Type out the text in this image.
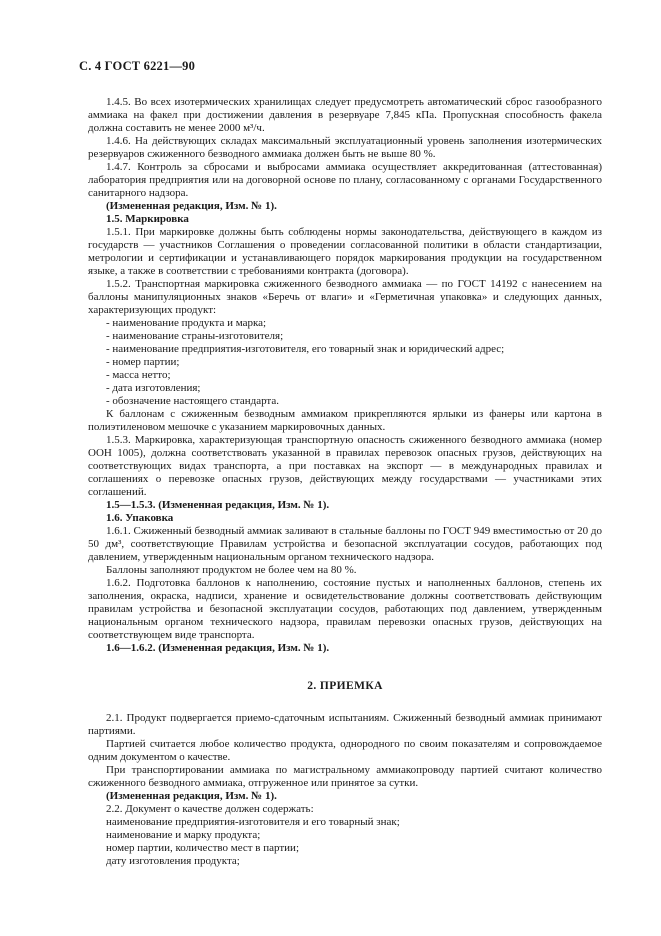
С. 4 ГОСТ 6221—90

1.4.5. Во всех изотермических хранилищах следует предусмотреть автоматический сброс газообразного аммиака на факел при достижении давления в резервуаре 7,845 кПа. Пропускная способность факела должна составить не менее 2000 м³/ч.

1.4.6. На действующих складах максимальный эксплуатационный уровень заполнения изотермических резервуаров сжиженного безводного аммиака должен быть не выше 80 %.

1.4.7. Контроль за сбросами и выбросами аммиака осуществляет аккредитованная (аттестованная) лаборатория предприятия или на договорной основе по плану, согласованному с органами Государственного санитарного надзора.

(Измененная редакция, Изм. № 1).

1.5. Маркировка

1.5.1. При маркировке должны быть соблюдены нормы законодательства, действующего в каждом из государств — участников Соглашения о проведении согласованной политики в области стандартизации, метрологии и сертификации и устанавливающего порядок маркирования продукции на государственном языке, а также в соответствии с требованиями контракта (договора).

1.5.2. Транспортная маркировка сжиженного безводного аммиака — по ГОСТ 14192 с нанесением на баллоны манипуляционных знаков «Беречь от влаги» и «Герметичная упаковка» и следующих данных, характеризующих продукт:

- наименование продукта и марка;

- наименование страны-изготовителя;

- наименование предприятия-изготовителя, его товарный знак и юридический адрес;

- номер партии;

- масса нетто;

- дата изготовления;

- обозначение настоящего стандарта.

К баллонам с сжиженным безводным аммиаком прикрепляются ярлыки из фанеры или картона в полиэтиленовом мешочке с указанием маркировочных данных.

1.5.3. Маркировка, характеризующая транспортную опасность сжиженного безводного аммиака (номер ООН 1005), должна соответствовать указанной в правилах перевозок опасных грузов, действующих на соответствующих видах транспорта, а при поставках на экспорт — в международных правилах и соглашениях о перевозке опасных грузов, действующих между государствами — участниками этих соглашений.

1.5—1.5.3. (Измененная редакция, Изм. № 1).

1.6. Упаковка

1.6.1. Сжиженный безводный аммиак заливают в стальные баллоны по ГОСТ 949 вместимостью от 20 до 50 дм³, соответствующие Правилам устройства и безопасной эксплуатации сосудов, работающих под давлением, утвержденным национальным органом технического надзора.

Баллоны заполняют продуктом не более чем на 80 %.

1.6.2. Подготовка баллонов к наполнению, состояние пустых и наполненных баллонов, степень их заполнения, окраска, надписи, хранение и освидетельствование должны соответствовать действующим правилам устройства и безопасной эксплуатации сосудов, работающих под давлением, утвержденным национальным органом технического надзора, правилам перевозки опасных грузов, действующих на соответствующем виде транспорта.

1.6—1.6.2. (Измененная редакция, Изм. № 1).

2. ПРИЕМКА

2.1. Продукт подвергается приемо-сдаточным испытаниям. Сжиженный безводный аммиак принимают партиями.

Партией считается любое количество продукта, однородного по своим показателям и сопровождаемое одним документом о качестве.

При транспортировании аммиака по магистральному аммиакопроводу партией считают количество сжиженного безводного аммиака, отгруженное или принятое за сутки.

(Измененная редакция, Изм. № 1).

2.2. Документ о качестве должен содержать:

наименование предприятия-изготовителя и его товарный знак;

наименование и марку продукта;

номер партии, количество мест в партии;

дату изготовления продукта;
